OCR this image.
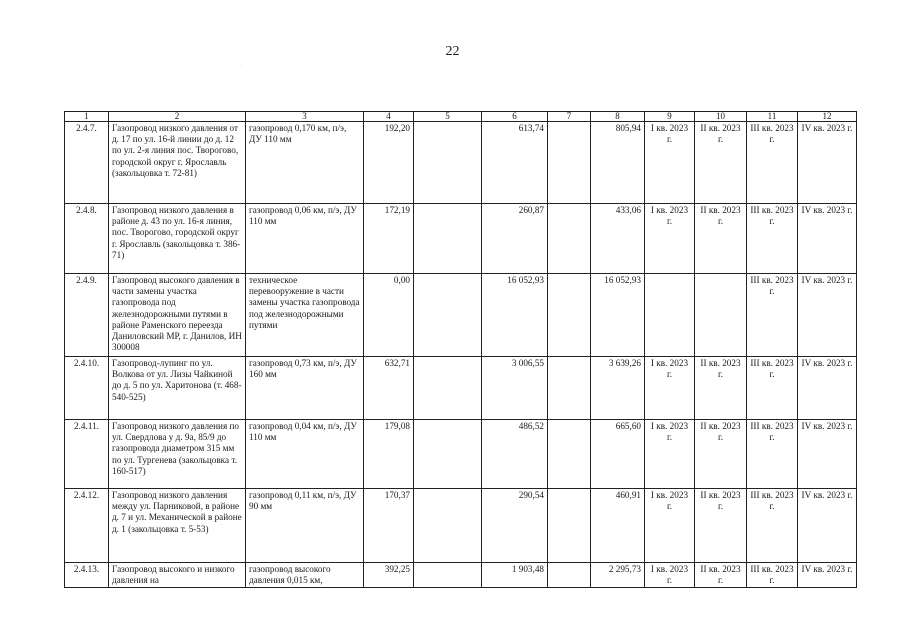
22
·
1	2	3	4	5	6	7	8	9	10	11	12
2.4.7.	Газопровод низкого давления от д. 17 по ул. 16-й линии до д. 12 по ул. 2-я линия пос. Творогово, городской округ г. Ярославль (закольцовка т. 72-81)	газопровод 0,170 км, п/э, ДУ 110 мм	192,20		613,74		805,94	I кв. 2023 г.	II кв. 2023 г.	III кв. 2023 г.	IV кв. 2023 г.
2.4.8.	Газопровод низкого давления в районе д. 43 по ул. 16-я линия, пос. Творогово, городской округ г. Ярославль (закольцовка т. 386-71)	газопровод 0,06 км, п/э, ДУ 110 мм	172,19		260,87		433,06	I кв. 2023 г.	II кв. 2023 г.	III кв. 2023 г.	IV кв. 2023 г.
2.4.9.	Газопровод высокого давления в части замены участка газопровода под железнодорожными путями в районе Раменского переезда Даниловский МР, г. Данилов, ИН 300008	техническое перевооружение в части замены участка газопровода под железнодорожными путями	0,00		16 052,93		16 052,93			III кв. 2023 г.	IV кв. 2023 г.
2.4.10.	Газопровод-лупинг по ул. Волкова от ул. Лизы Чайкиной до д. 5 по ул. Харитонова (т. 468-540-525)	газопровод 0,73 км, п/э, ДУ 160 мм	632,71		3 006,55		3 639,26	I кв. 2023 г.	II кв. 2023 г.	III кв. 2023 г.	IV кв. 2023 г.
2.4.11.	Газопровод низкого давления по ул. Свердлова у д. 9а, 85/9 до газопровода диаметром 315 мм по ул. Тургенева (закольцовка т. 160-517)	газопровод 0,04 км, п/э, ДУ 110 мм	179,08		486,52		665,60	I кв. 2023 г.	II кв. 2023 г.	III кв. 2023 г.	IV кв. 2023 г.
2.4.12.	Газопровод низкого давления между ул. Парниковой, в районе д. 7 и ул. Механической в районе д. 1 (закольцовка т. 5-53)	газопровод 0,11 км, п/э, ДУ 90 мм	170,37		290,54		460,91	I кв. 2023 г.	II кв. 2023 г.	III кв. 2023 г.	IV кв. 2023 г.
2.4.13.	Газопровод высокого и низкого давления на	газопровод высокого давления 0,015 км,	392,25		1 903,48		2 295,73	I кв. 2023 г.	II кв. 2023 г.	III кв. 2023 г.	IV кв. 2023 г.
